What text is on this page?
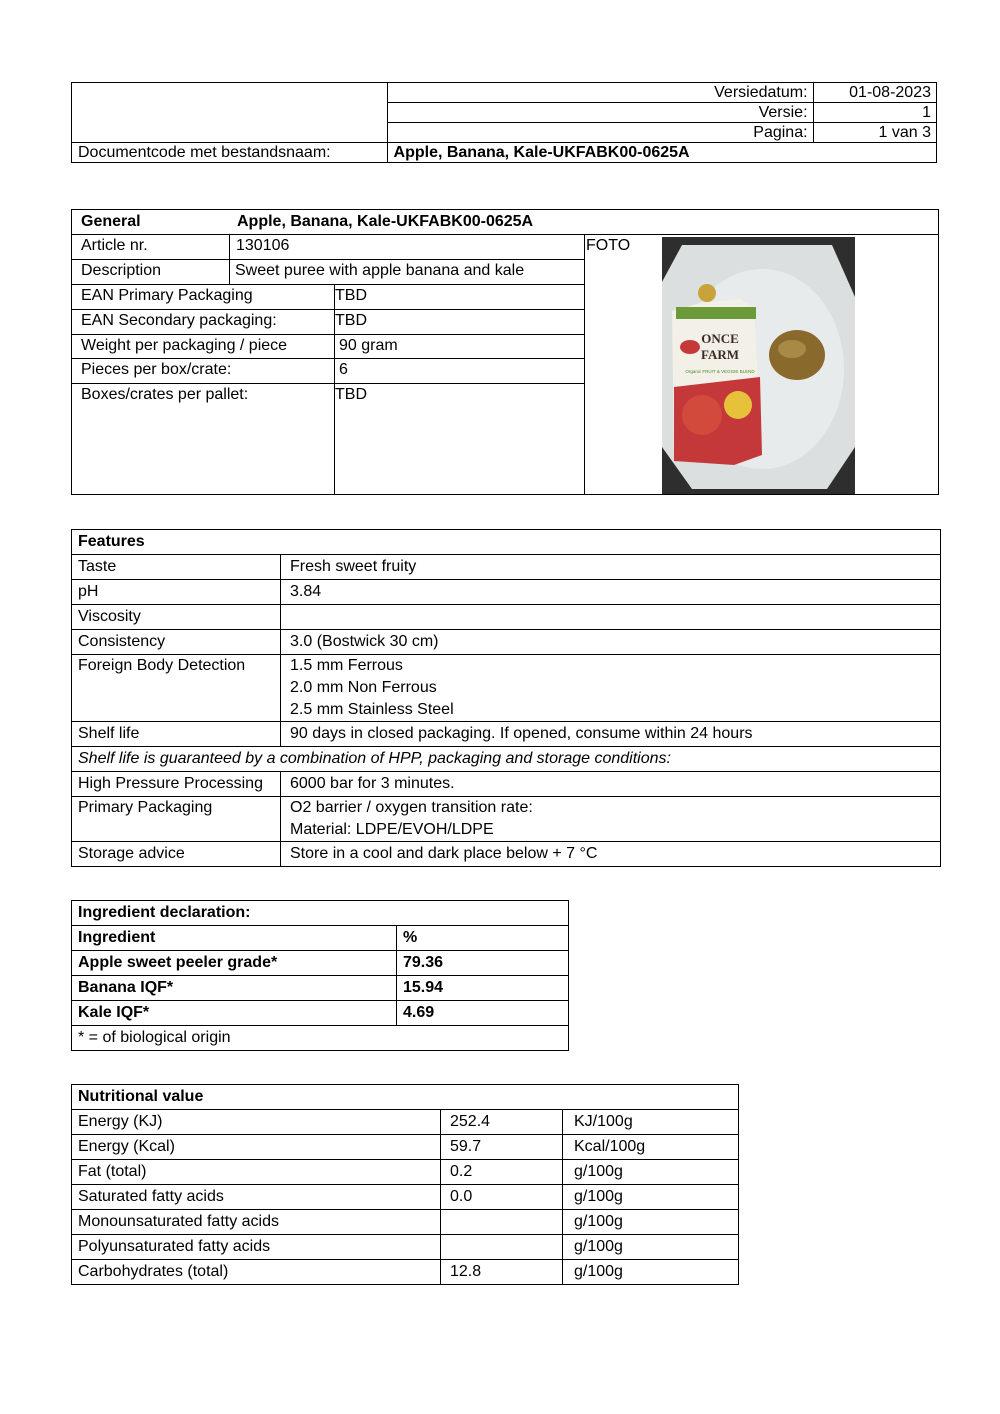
	Versiedatum:	01-08-2023
	Versie:	1
	Pagina:	1 van 3
Documentcode met bestandsnaam:	Apple, Banana, Kale-UKFABK00-0625A	
General	Apple, Banana, Kale-UKFABK00-0625A
Article nr.	130106
Description	Sweet puree with apple banana and kale
EAN Primary Packaging	TBD
EAN Secondary packaging:	TBD
Weight per packaging / piece	90 gram
Pieces per box/crate:	6
Boxes/crates per pallet:	TBD
FOTO
ONCE
FARM
Organic FRUIT & VEGGIE BLEND
Features	
Taste	Fresh sweet fruity
pH	3.84
Viscosity	
Consistency	3.0 (Bostwick 30 cm)
Foreign Body Detection	1.5 mm Ferrous
2.0 mm Non Ferrous
2.5 mm Stainless Steel

Shelf life	90 days in closed packaging. If opened, consume within 24 hours
Shelf life is guaranteed by a combination of HPP, packaging and storage conditions:	
High Pressure Processing	6000 bar for 3 minutes.
Primary Packaging	O2 barrier / oxygen transition rate:
Material: LDPE/EVOH/LDPE

Storage advice	Store in a cool and dark place below + 7 °C
Ingredient declaration:	
Ingredient	%
Apple sweet peeler grade*	79.36
Banana IQF*	15.94
Kale IQF*	4.69
* = of biological origin	
Nutritional value		
Energy (KJ)	252.4	KJ/100g
Energy (Kcal)	59.7	Kcal/100g
Fat (total)	0.2	g/100g
Saturated fatty acids	0.0	g/100g
Monounsaturated fatty acids		g/100g
Polyunsaturated fatty acids		g/100g
Carbohydrates (total)	12.8	g/100g
